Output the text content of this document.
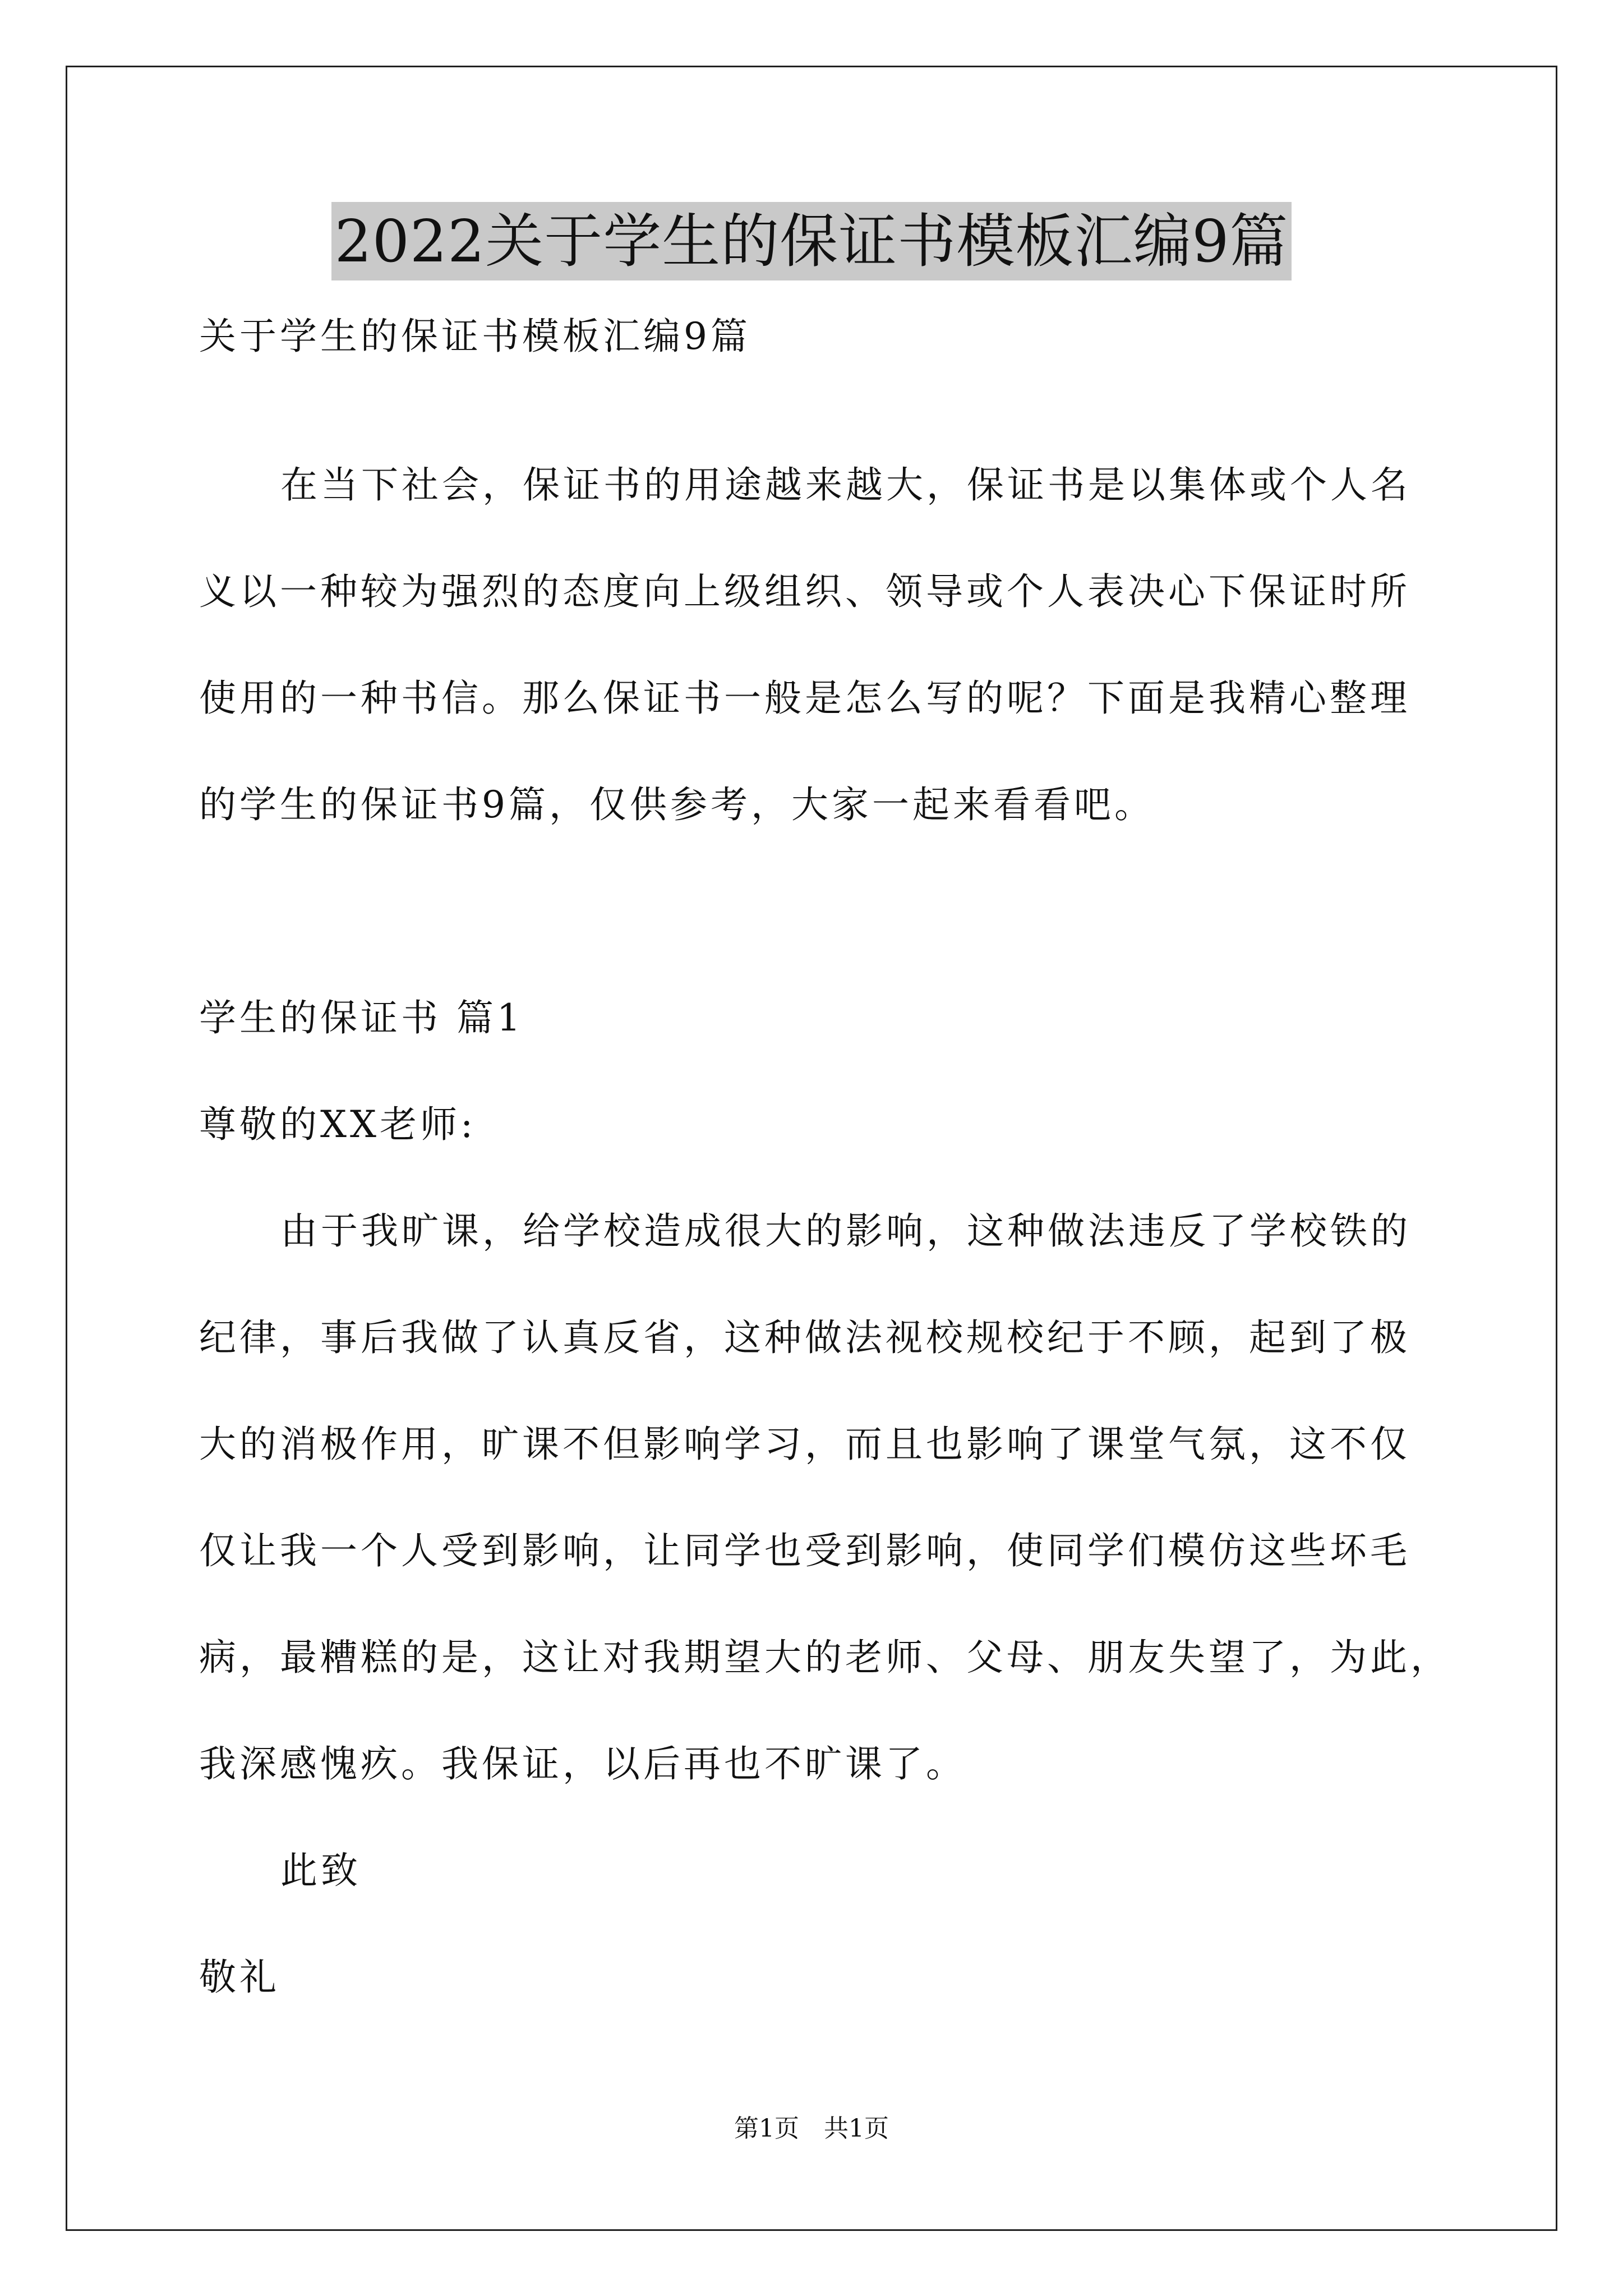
2022关于学生的保证书模板汇编9篇
关于学生的保证书模板汇编9篇
在当下社会，保证书的用途越来越大，保证书是以集体或个人名
义以一种较为强烈的态度向上级组织、领导或个人表决心下保证时所
使用的一种书信。那么保证书一般是怎么写的呢？下面是我精心整理
的学生的保证书9篇，仅供参考，大家一起来看看吧。
学生的保证书 篇1
尊敬的XX老师:
由于我旷课，给学校造成很大的影响，这种做法违反了学校铁的
纪律，事后我做了认真反省，这种做法视校规校纪于不顾，起到了极
大的消极作用，旷课不但影响学习，而且也影响了课堂气氛，这不仅
仅让我一个人受到影响，让同学也受到影响，使同学们模仿这些坏毛
病，最糟糕的是，这让对我期望大的老师、父母、朋友失望了，为此，
我深感愧疚。我保证，以后再也不旷课了。
此致
敬礼
第1页　共1页
